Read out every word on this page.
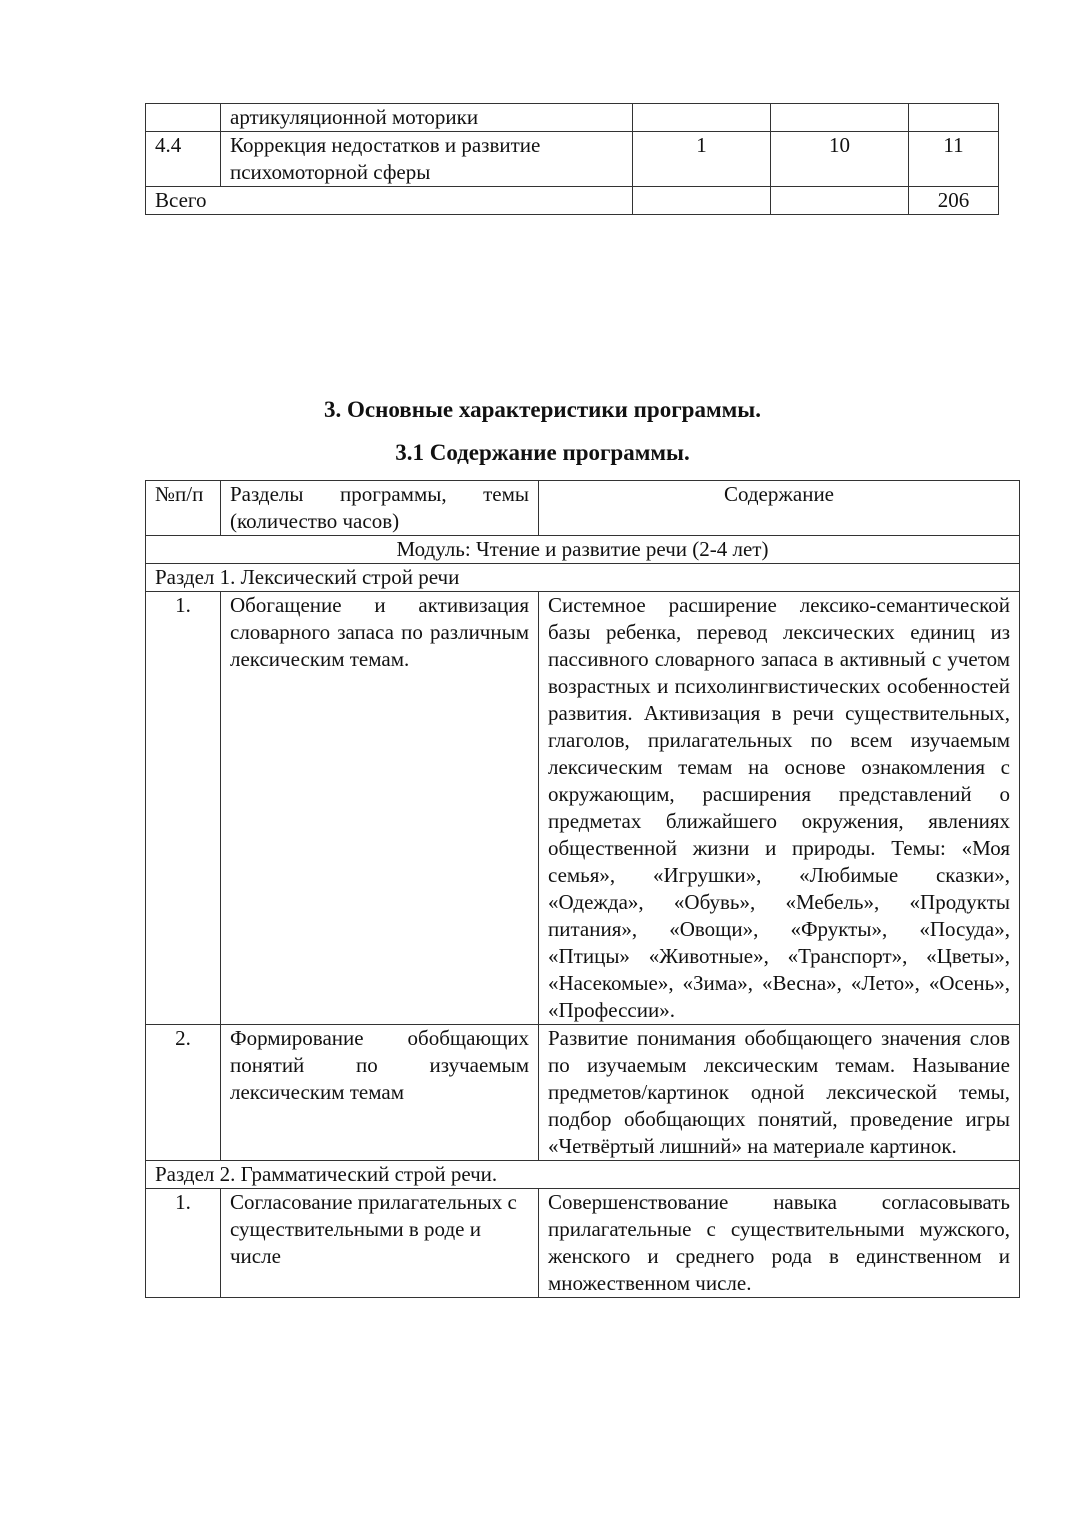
	артикуляционной моторики			
4.4	Коррекция недостатков и развитие психомоторной сферы	1	10	11
Всего				206
3. Основные характеристики программы.
3.1 Содержание программы.
№п/п	Разделы программы, темы (количество часов)	Содержание
Модуль: Чтение и развитие речи (2-4 лет)		
Раздел 1. Лексический строй речи		
1.	Обогащение и активизация словарного запаса по различным лексическим темам.	Системное расширение лексико-семантической базы ребенка, перевод лексических единиц из пассивного словарного запаса в активный с учетом возрастных и психолингвистических особенностей развития. Активизация в речи существительных, глаголов, прилагательных по всем изучаемым лексическим темам на основе ознакомления с окружающим, расширения представлений о предметах ближайшего окружения, явлениях общественной жизни и природы. Темы: «Моя семья», «Игрушки», «Любимые сказки», «Одежда», «Обувь», «Мебель», «Продукты питания», «Овощи», «Фрукты», «Посуда», «Птицы» «Животные», «Транспорт», «Цветы», «Насекомые», «Зима», «Весна», «Лето», «Осень», «Профессии».
2.	Формирование обобщающих понятий по изучаемым лексическим темам	Развитие понимания обобщающего значения слов по изучаемым лексическим темам. Называние предметов/картинок одной лексической темы, подбор обобщающих понятий, проведение игры «Четвёртый лишний» на материале картинок.
Раздел 2. Грамматический строй речи.		
1.	Согласование прилагательных с существительными в роде и числе	Совершенствование навыка согласовывать прилагательные с существительными мужского, женского и среднего рода в единственном и множественном числе.
